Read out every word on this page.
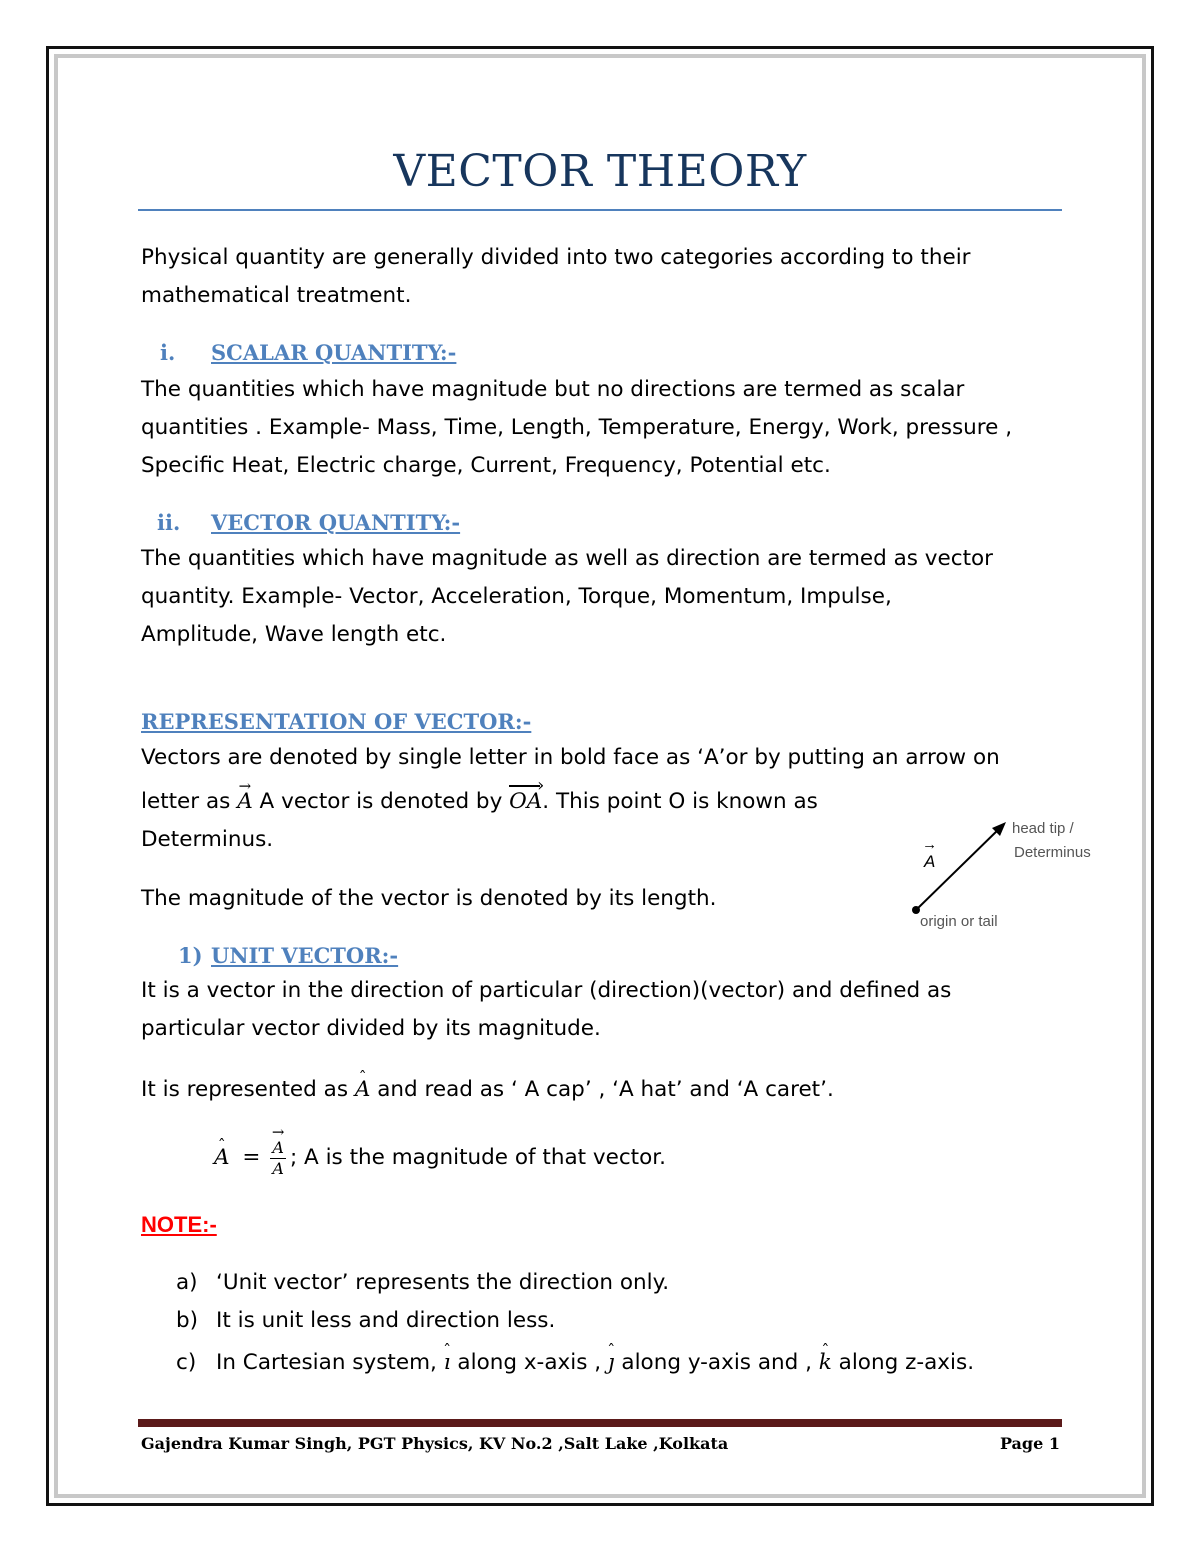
VECTOR THEORY
Physical quantity are generally divided into two categories according to their
mathematical treatment.
i. SCALAR QUANTITY:-
The quantities which have magnitude but no directions are termed as scalar
quantities . Example- Mass, Time, Length, Temperature, Energy, Work, pressure ,
Specific Heat, Electric charge, Current, Frequency, Potential etc.
ii. VECTOR QUANTITY:-
The quantities which have magnitude as well as direction are termed as vector
quantity. Example- Vector, Acceleration, Torque, Momentum, Impulse,
Amplitude, Wave length etc.
REPRESENTATION OF VECTOR:-
Vectors are denoted by single letter in bold face as ‘A’or by putting an arrow on
letter as A → A vector is denoted by OA ›. This point O is known as
Determinus.
The magnitude of the vector is denoted by its length.
A →
head tip /
Determinus
origin or tail
1) UNIT VECTOR:-
It is a vector in the direction of particular (direction)(vector) and defined as
particular vector divided by its magnitude.
It is represented as A ˆ and read as ‘ A cap’ , ‘A hat’ and ‘A caret’.
A ˆ = $\frac{A \to}{A}$ ; A is the magnitude of that vector.
NOTE:-
a) ‘Unit vector’ represents the direction only.
b) It is unit less and direction less.
c) In Cartesian system, ı ˆ along x-axis , ȷ ˆ along y-axis and , k ˆ along z-axis.
Gajendra Kumar Singh, PGT Physics, KV No.2 ,Salt Lake ,Kolkata	Page 1
